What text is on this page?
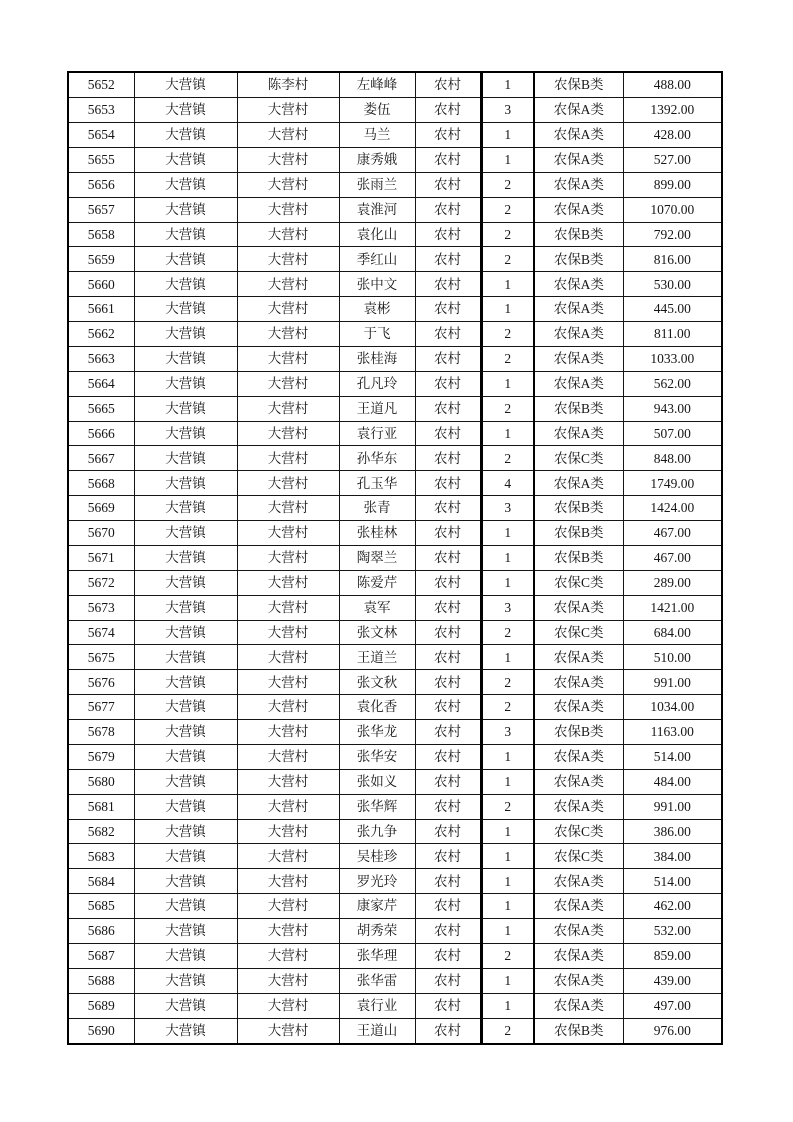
5652	大营镇	陈李村	左峰峰	农村	1	农保B类	488.00
5653	大营镇	大营村	娄伍	农村	3	农保A类	1392.00
5654	大营镇	大营村	马兰	农村	1	农保A类	428.00
5655	大营镇	大营村	康秀娥	农村	1	农保A类	527.00
5656	大营镇	大营村	张雨兰	农村	2	农保A类	899.00
5657	大营镇	大营村	袁淮河	农村	2	农保A类	1070.00
5658	大营镇	大营村	袁化山	农村	2	农保B类	792.00
5659	大营镇	大营村	季红山	农村	2	农保B类	816.00
5660	大营镇	大营村	张中文	农村	1	农保A类	530.00
5661	大营镇	大营村	袁彬	农村	1	农保A类	445.00
5662	大营镇	大营村	于飞	农村	2	农保A类	811.00
5663	大营镇	大营村	张桂海	农村	2	农保A类	1033.00
5664	大营镇	大营村	孔凡玲	农村	1	农保A类	562.00
5665	大营镇	大营村	王道凡	农村	2	农保B类	943.00
5666	大营镇	大营村	袁行亚	农村	1	农保A类	507.00
5667	大营镇	大营村	孙华东	农村	2	农保C类	848.00
5668	大营镇	大营村	孔玉华	农村	4	农保A类	1749.00
5669	大营镇	大营村	张青	农村	3	农保B类	1424.00
5670	大营镇	大营村	张桂林	农村	1	农保B类	467.00
5671	大营镇	大营村	陶翠兰	农村	1	农保B类	467.00
5672	大营镇	大营村	陈爱芹	农村	1	农保C类	289.00
5673	大营镇	大营村	袁军	农村	3	农保A类	1421.00
5674	大营镇	大营村	张文林	农村	2	农保C类	684.00
5675	大营镇	大营村	王道兰	农村	1	农保A类	510.00
5676	大营镇	大营村	张文秋	农村	2	农保A类	991.00
5677	大营镇	大营村	袁化香	农村	2	农保A类	1034.00
5678	大营镇	大营村	张华龙	农村	3	农保B类	1163.00
5679	大营镇	大营村	张华安	农村	1	农保A类	514.00
5680	大营镇	大营村	张如义	农村	1	农保A类	484.00
5681	大营镇	大营村	张华辉	农村	2	农保A类	991.00
5682	大营镇	大营村	张九争	农村	1	农保C类	386.00
5683	大营镇	大营村	吴桂珍	农村	1	农保C类	384.00
5684	大营镇	大营村	罗光玲	农村	1	农保A类	514.00
5685	大营镇	大营村	康家芹	农村	1	农保A类	462.00
5686	大营镇	大营村	胡秀荣	农村	1	农保A类	532.00
5687	大营镇	大营村	张华理	农村	2	农保A类	859.00
5688	大营镇	大营村	张华雷	农村	1	农保A类	439.00
5689	大营镇	大营村	袁行业	农村	1	农保A类	497.00
5690	大营镇	大营村	王道山	农村	2	农保B类	976.00
